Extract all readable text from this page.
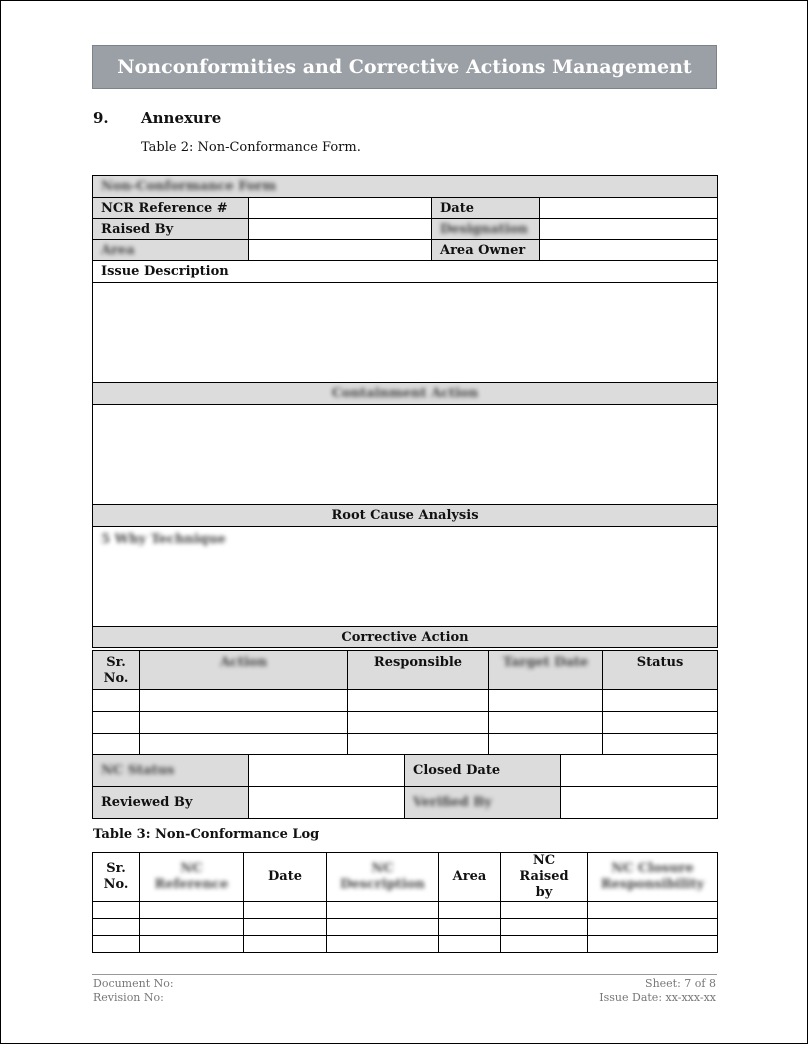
Nonconformities and Corrective Actions Management
9. Annexure
Table 2: Non-Conformance Form.
Non-Conformance Form			
NCR Reference #		Date	
Raised By		Designation	
Area		Area Owner	
Issue Description			

Containment Action			

Root Cause Analysis			
5 Why Technique			
Corrective Action			
Sr. No.	Action	Responsible	Target Date	Status

NC Status		Closed Date	
Reviewed By		Verified By	
Table 3: Non-Conformance Log
Sr. No.	NC Reference	Date	NC Description	Area	NC Raised by	NC Closure Responsibility

Document No:
Revision No:
Sheet: 7 of 8
Issue Date: xx-xxx-xx
